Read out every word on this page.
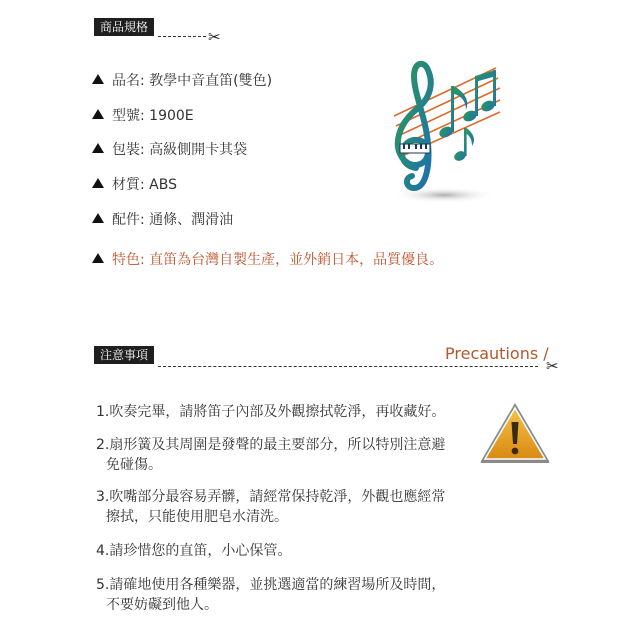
商品規格
✂
品名: 教學中音直笛(雙色)
型號: 1900E
包裝: 高級側開卡其袋
材質: ABS
配件: 通條、潤滑油
特色: 直笛為台灣自製生產，並外銷日本，品質優良。
注意事項	Precautions /
✂
1.吹奏完畢，請將笛子內部及外觀擦拭乾淨，再收藏好。
2.扇形簧及其周圍是發聲的最主要部分，所以特別注意避
免碰傷。
3.吹嘴部分最容易弄髒，請經常保持乾淨，外觀也應經常
擦拭，只能使用肥皂水清洗。
4.請珍惜您的直笛，小心保管。
5.請確地使用各種樂器，並挑選適當的練習場所及時間，
不要妨礙到他人。
